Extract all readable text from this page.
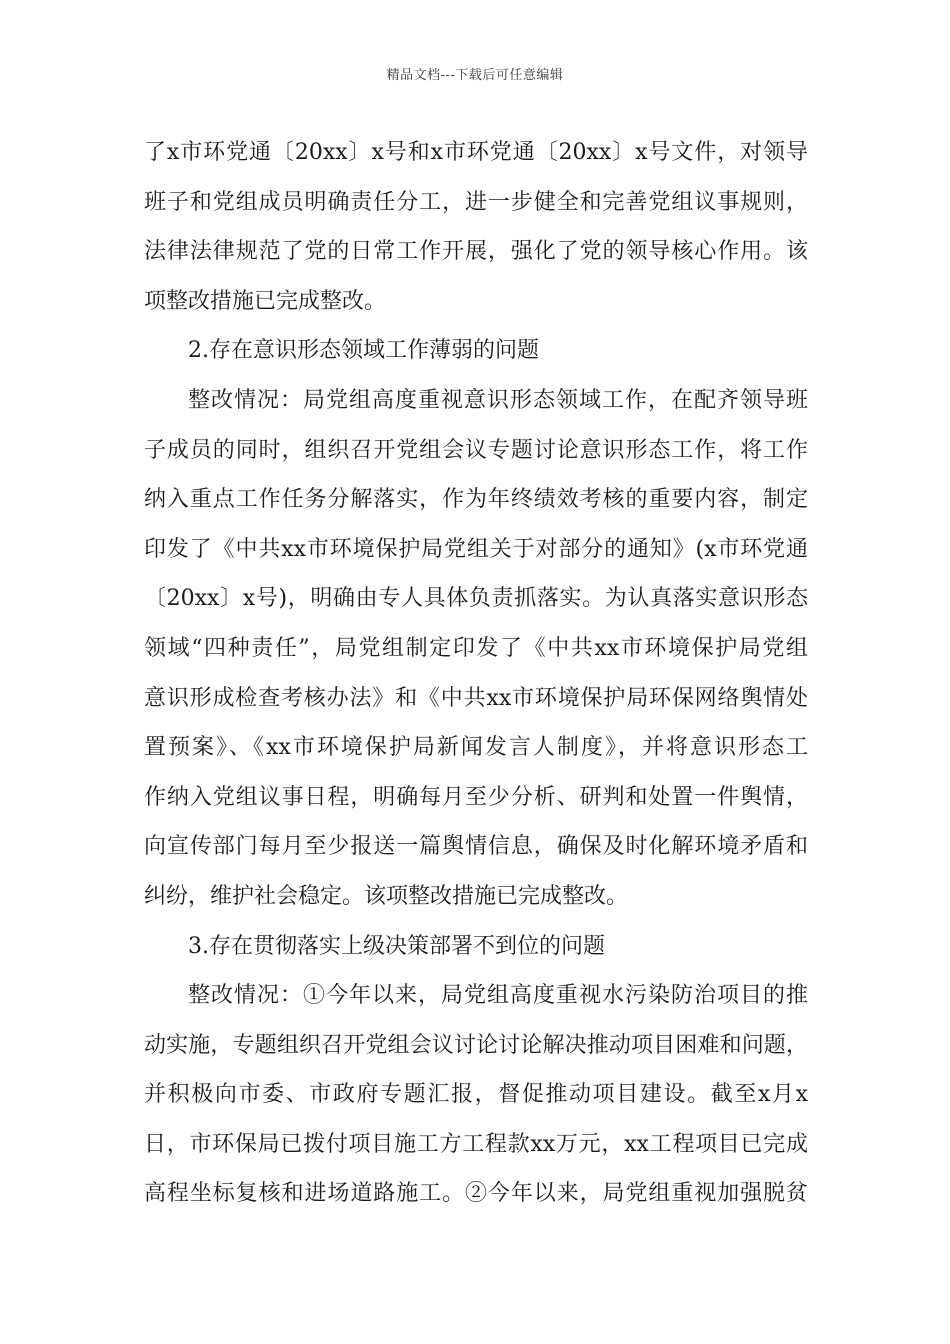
精品文档---下载后可任意编辑
了x市环党通〔20xx〕x号和x市环党通〔20xx〕x号文件，对领导
班子和党组成员明确责任分工，进一步健全和完善党组议事规则，
法律法律规范了党的日常工作开展，强化了党的领导核心作用。该
项整改措施已完成整改。
2.存在意识形态领域工作薄弱的问题
整改情况：局党组高度重视意识形态领域工作，在配齐领导班
子成员的同时，组织召开党组会议专题讨论意识形态工作，将工作
纳入重点工作任务分解落实，作为年终绩效考核的重要内容，制定
印发了《中共xx市环境保护局党组关于对部分的通知》(x市环党通
〔20xx〕x号)，明确由专人具体负责抓落实。为认真落实意识形态
领域“四种责任”，局党组制定印发了《中共xx市环境保护局党组
意识形成检查考核办法》和《中共xx市环境保护局环保网络舆情处
置预案》、《xx市环境保护局新闻发言人制度》，并将意识形态工
作纳入党组议事日程，明确每月至少分析、研判和处置一件舆情，
向宣传部门每月至少报送一篇舆情信息，确保及时化解环境矛盾和
纠纷，维护社会稳定。该项整改措施已完成整改。
3.存在贯彻落实上级决策部署不到位的问题
整改情况：①今年以来，局党组高度重视水污染防治项目的推
动实施，专题组织召开党组会议讨论讨论解决推动项目困难和问题，
并积极向市委、市政府专题汇报，督促推动项目建设。截至x月x
日，市环保局已拨付项目施工方工程款xx万元，xx工程项目已完成
高程坐标复核和进场道路施工。②今年以来，局党组重视加强脱贫
